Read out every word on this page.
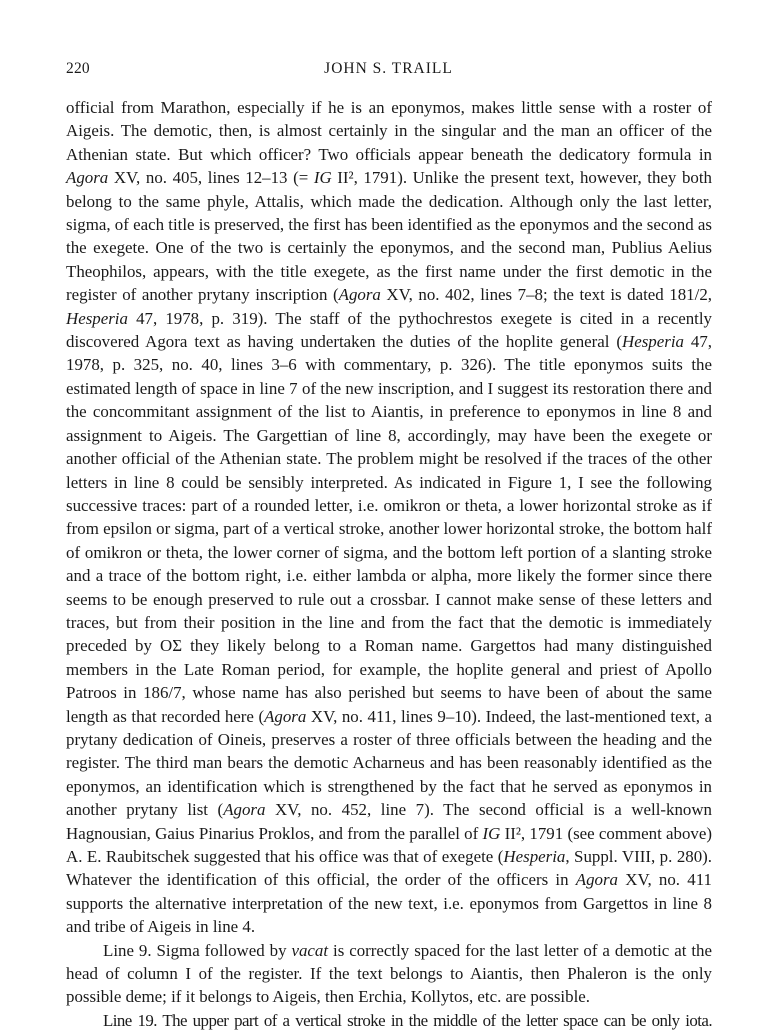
220	JOHN S. TRAILL

official from Marathon, especially if he is an eponymos, makes little sense with a roster of Aigeis. The demotic, then, is almost certainly in the singular and the man an officer of the Athenian state. But which officer? Two officials appear beneath the dedicatory formula in Agora XV, no. 405, lines 12–13 (= IG II², 1791). Unlike the present text, however, they both belong to the same phyle, Attalis, which made the dedication. Although only the last letter, sigma, of each title is preserved, the first has been identified as the eponymos and the second as the exegete. One of the two is certainly the eponymos, and the second man, Publius Aelius Theophilos, appears, with the title exegete, as the first name under the first demotic in the register of another prytany inscription (Agora XV, no. 402, lines 7–8; the text is dated 181/2, Hesperia 47, 1978, p. 319). The staff of the pythochrestos exegete is cited in a recently discovered Agora text as having undertaken the duties of the hoplite general (Hesperia 47, 1978, p. 325, no. 40, lines 3–6 with commentary, p. 326). The title eponymos suits the estimated length of space in line 7 of the new inscription, and I suggest its restoration there and the concommitant assignment of the list to Aiantis, in preference to eponymos in line 8 and assignment to Aigeis. The Gargettian of line 8, accordingly, may have been the exegete or another official of the Athenian state. The problem might be resolved if the traces of the other letters in line 8 could be sensibly interpreted. As indicated in Figure 1, I see the following successive traces: part of a rounded letter, i.e. omikron or theta, a lower horizontal stroke as if from epsilon or sigma, part of a vertical stroke, another lower horizontal stroke, the bottom half of omikron or theta, the lower corner of sigma, and the bottom left portion of a slanting stroke and a trace of the bottom right, i.e. either lambda or alpha, more likely the former since there seems to be enough preserved to rule out a crossbar. I cannot make sense of these letters and traces, but from their position in the line and from the fact that the demotic is immediately preceded by ΟΣ they likely belong to a Roman name. Gargettos had many distinguished members in the Late Roman period, for example, the hoplite general and priest of Apollo Patroos in 186/7, whose name has also perished but seems to have been of about the same length as that recorded here (Agora XV, no. 411, lines 9–10). Indeed, the last-mentioned text, a prytany dedication of Oineis, preserves a roster of three officials between the heading and the register. The third man bears the demotic Acharneus and has been reasonably identified as the eponymos, an identification which is strengthened by the fact that he served as eponymos in another prytany list (Agora XV, no. 452, line 7). The second official is a well-known Hagnousian, Gaius Pinarius Proklos, and from the parallel of IG II², 1791 (see comment above) A. E. Raubitschek suggested that his office was that of exegete (Hesperia, Suppl. VIII, p. 280). Whatever the identification of this official, the order of the officers in Agora XV, no. 411 supports the alternative interpretation of the new text, i.e. eponymos from Gargettos in line 8 and tribe of Aigeis in line 4.

Line 9. Sigma followed by vacat is correctly spaced for the last letter of a demotic at the head of column I of the register. If the text belongs to Aiantis, then Phaleron is the only possible deme; if it belongs to Aigeis, then Erchia, Kollytos, etc. are possible.

Line 19. The upper part of a vertical stroke in the middle of the letter space can be only iota.
